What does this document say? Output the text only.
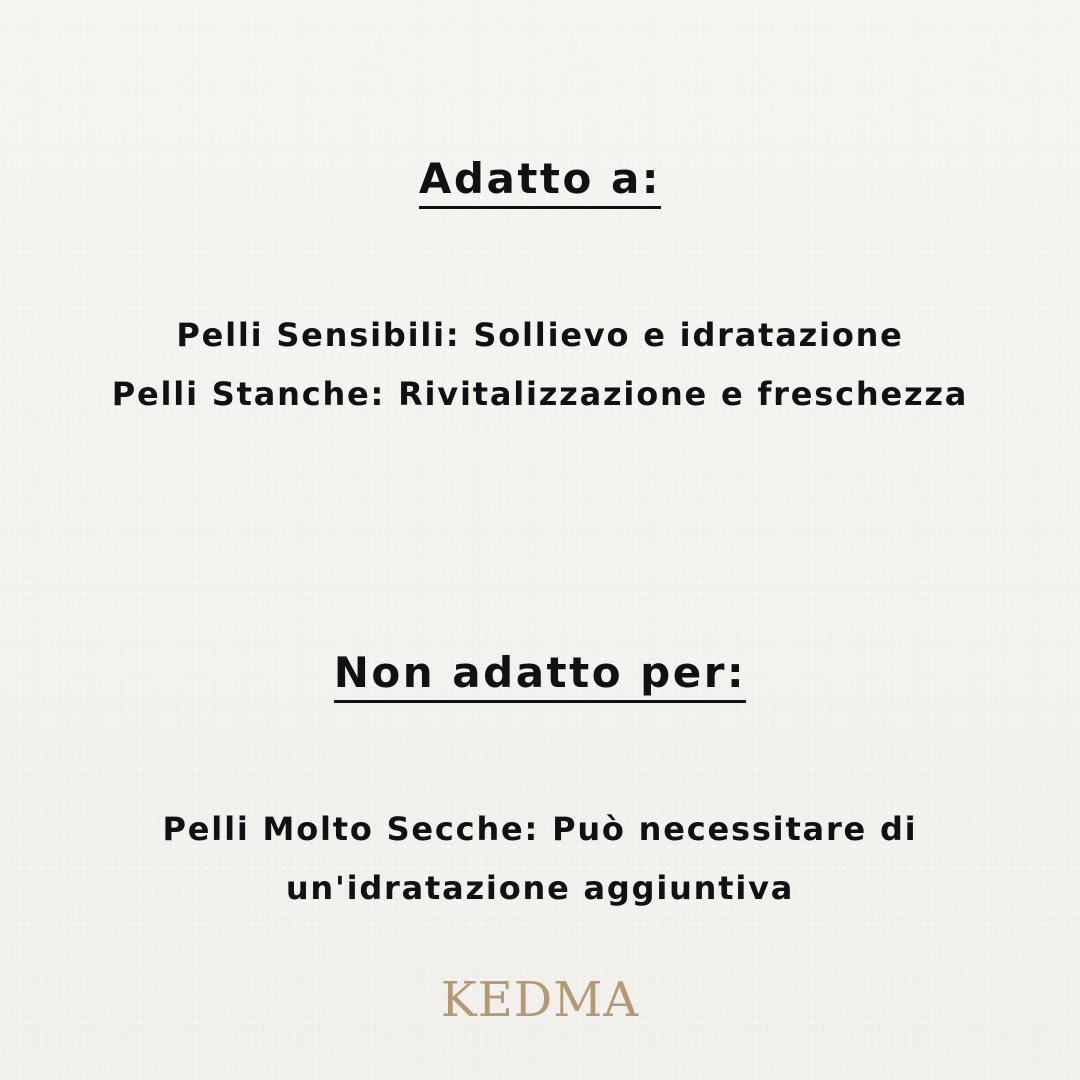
Adatto a:
Pelli Sensibili: Sollievo e idratazione
Pelli Stanche: Rivitalizzazione e freschezza
Non adatto per:
Pelli Molto Secche: Può necessitare di
un'idratazione aggiuntiva
KEDMA
